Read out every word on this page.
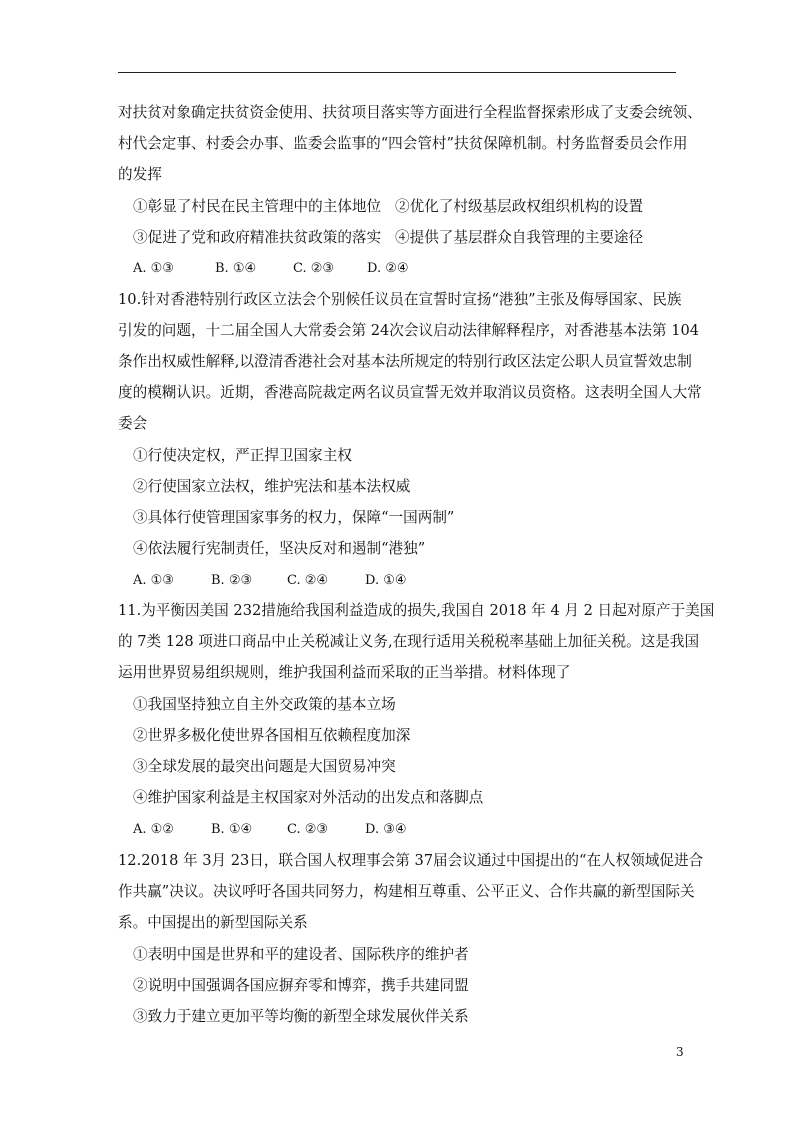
对扶贫对象确定扶贫资金使用、扶贫项目落实等方面进行全程监督探索形成了支委会统领、
村代会定事、村委会办事、监委会监事的“四会管村”扶贫保障机制。村务监督委员会作用
的发挥
①彰显了村民在民主管理中的主体地位   ②优化了村级基层政权组织机构的设置
③促进了党和政府精准扶贫政策的落实   ④提供了基层群众自我管理的主要途径
A. ①③	B. ①④	C. ②③	D. ②④
10.针对香港特别行政区立法会个别候任议员在宣誓时宣扬“港独”主张及侮辱国家、民族
引发的问题，十二届全国人大常委会第 24次会议启动法律解释程序，对香港基本法第 104
条作出权威性解释,以澄清香港社会对基本法所规定的特别行政区法定公职人员宣誓效忠制
度的模糊认识。近期，香港高院裁定两名议员宣誓无效并取消议员资格。这表明全国人大常
委会
①行使决定权，严正捍卫国家主权
②行使国家立法权，维护宪法和基本法权威
③具体行使管理国家事务的权力，保障“一国两制”
④依法履行宪制责任，坚决反对和遏制“港独”
A. ①③	B. ②③	C. ②④	D. ①④
11.为平衡因美国 232措施给我国利益造成的损失,我国自 2018 年 4 月 2 日起对原产于美国
的 7类 128 项进口商品中止关税减让义务,在现行适用关税税率基础上加征关税。这是我国
运用世界贸易组织规则，维护我国利益而采取的正当举措。材料体现了
①我国坚持独立自主外交政策的基本立场
②世界多极化使世界各国相互依赖程度加深
③全球发展的最突出问题是大国贸易冲突
④维护国家利益是主权国家对外活动的出发点和落脚点
A. ①②	B. ①④	C. ②③	D. ③④
12.2018 年 3月 23日，联合国人权理事会第 37届会议通过中国提出的“在人权领域促进合
作共赢”决议。决议呼吁各国共同努力，构建相互尊重、公平正义、合作共赢的新型国际关
系。中国提出的新型国际关系
①表明中国是世界和平的建设者、国际秩序的维护者
②说明中国强调各国应摒弃零和博弈，携手共建同盟
③致力于建立更加平等均衡的新型全球发展伙伴关系
3
